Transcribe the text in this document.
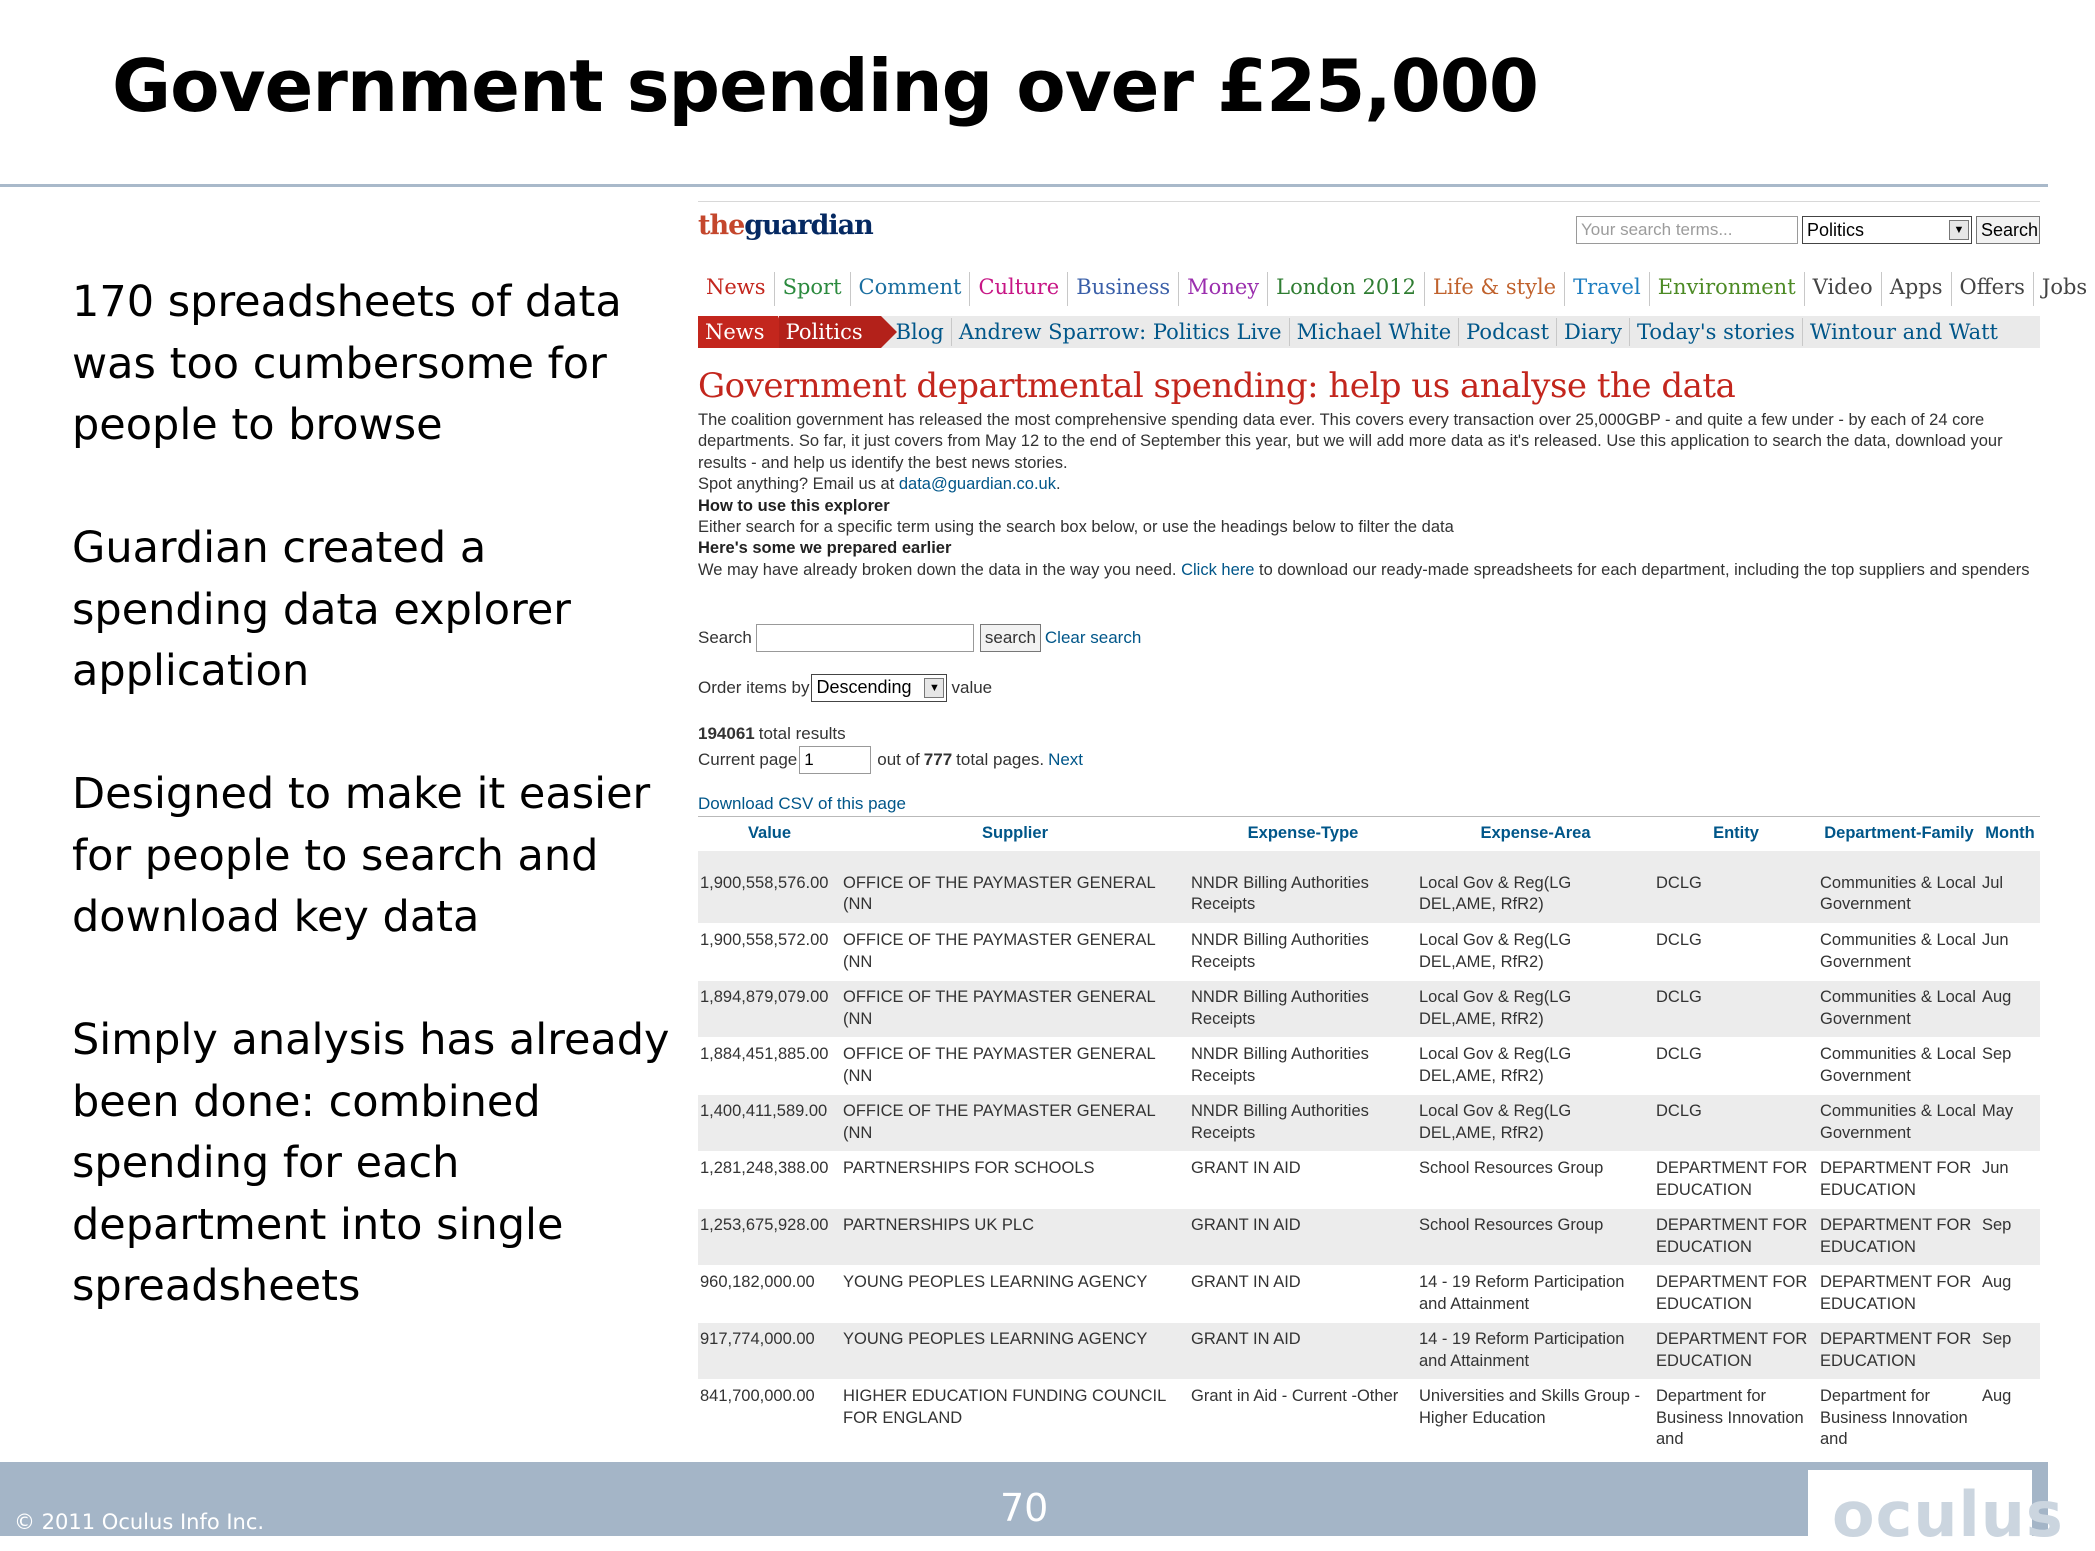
Government spending over £25,000
170 spreadsheets of data
was too cumbersome for
people to browse
Guardian created a
spending data explorer
application
Designed to make it easier
for people to search and
download key data
Simply analysis has already
been done: combined
spending for each
department into single
spreadsheets
© 2011 Oculus Info Inc.	70	oculus
theguardian	Your search terms...	Politics	▼ Search
News Sport Comment Culture Business Money London 2012 Life & style Travel Environment Video Apps Offers Jobs
News	Politics	Blog Andrew Sparrow: Politics Live Michael White Podcast Diary Today's stories Wintour and Watt
Government departmental spending: help us analyse the data

The coalition government has released the most comprehensive spending data ever. This covers every transaction over 25,000GBP - and quite a few under - by each of 24 core departments. So far, it just covers from May 12 to the end of September this year, but we will add more data as it's released. Use this application to search the data, download your results - and help us identify the best news stories.

Spot anything? Email us at data@guardian.co.uk.

How to use this explorer

Either search for a specific term using the search box below, or use the headings below to filter the data

Here's some we prepared earlier

We may have already broken down the data in the way you need. Click here to download our ready-made spreadsheets for each department, including the top suppliers and spenders

Search	search Clear search
Order items by Descending	▼ value
194061 total results
Current page 1	out of 777 total pages. Next
Download CSV of this page
Value	Supplier	Expense-Type	Expense-Area	Entity	Department-Family	Month

1,900,558,576.00	OFFICE OF THE PAYMASTER GENERAL (NN	NNDR Billing Authorities Receipts	Local Gov & Reg(LG DEL,AME, RfR2)	DCLG	Communities & Local Government	Jul
1,900,558,572.00	OFFICE OF THE PAYMASTER GENERAL (NN	NNDR Billing Authorities Receipts	Local Gov & Reg(LG DEL,AME, RfR2)	DCLG	Communities & Local Government	Jun
1,894,879,079.00	OFFICE OF THE PAYMASTER GENERAL (NN	NNDR Billing Authorities Receipts	Local Gov & Reg(LG DEL,AME, RfR2)	DCLG	Communities & Local Government	Aug
1,884,451,885.00	OFFICE OF THE PAYMASTER GENERAL (NN	NNDR Billing Authorities Receipts	Local Gov & Reg(LG DEL,AME, RfR2)	DCLG	Communities & Local Government	Sep
1,400,411,589.00	OFFICE OF THE PAYMASTER GENERAL (NN	NNDR Billing Authorities Receipts	Local Gov & Reg(LG DEL,AME, RfR2)	DCLG	Communities & Local Government	May
1,281,248,388.00	PARTNERSHIPS FOR SCHOOLS	GRANT IN AID	School Resources Group	DEPARTMENT FOR EDUCATION	DEPARTMENT FOR EDUCATION	Jun
1,253,675,928.00	PARTNERSHIPS UK PLC	GRANT IN AID	School Resources Group	DEPARTMENT FOR EDUCATION	DEPARTMENT FOR EDUCATION	Sep
960,182,000.00	YOUNG PEOPLES LEARNING AGENCY	GRANT IN AID	14 - 19 Reform Participation and Attainment	DEPARTMENT FOR EDUCATION	DEPARTMENT FOR EDUCATION	Aug
917,774,000.00	YOUNG PEOPLES LEARNING AGENCY	GRANT IN AID	14 - 19 Reform Participation and Attainment	DEPARTMENT FOR EDUCATION	DEPARTMENT FOR EDUCATION	Sep
841,700,000.00	HIGHER EDUCATION FUNDING COUNCIL FOR ENGLAND	Grant in Aid - Current -Other	Universities and Skills Group - Higher Education	Department for Business Innovation and	Department for Business Innovation and	Aug
